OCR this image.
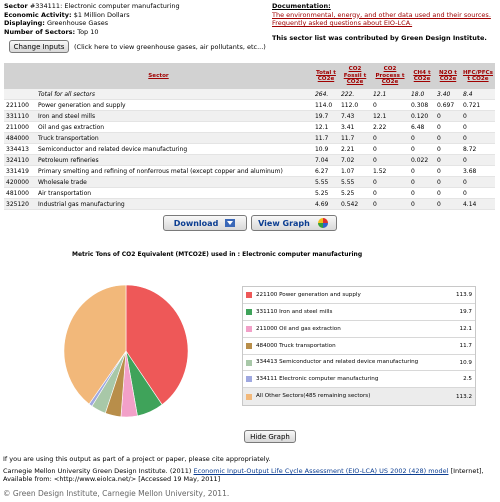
Sector #334111: Electronic computer manufacturing
Economic Activity: $1 Million Dollars
Displaying: Greenhouse Gases
Number of Sectors: Top 10
Documentation:
The environmental, energy, and other data used and their sources.
Frequently asked questions about EIO-LCA.
This sector list was contributed by Green Design Institute.
Change Inputs	(Click here to view greenhouse gases, air pollutants, etc...)
Sector		Total t CO2e	CO2 Fossil t CO2e	CO2 Process t CO2e	CH4 t CO2e	N2O t CO2e	HFC/PFCs t CO2e
	Total for all sectors	264.	222.	12.1	18.0	3.40	8.4
221100	Power generation and supply	114.0	112.0	0	0.308	0.697	0.721
331110	Iron and steel mills	19.7	7.43	12.1	0.120	0	0
211000	Oil and gas extraction	12.1	3.41	2.22	6.48	0	0
484000	Truck transportation	11.7	11.7	0	0	0	0
334413	Semiconductor and related device manufacturing	10.9	2.21	0	0	0	8.72
324110	Petroleum refineries	7.04	7.02	0	0.022	0	0
331419	Primary smelting and refining of nonferrous metal (except copper and aluminum)	6.27	1.07	1.52	0	0	3.68
420000	Wholesale trade	5.55	5.55	0	0	0	0
481000	Air transportation	5.25	5.25	0	0	0	0
325120	Industrial gas manufacturing	4.69	0.542	0	0	0	4.14
Download	View Graph
Metric Tons of CO2 Equivalent (MTCO2E) used in : Electronic computer manufacturing
221100 Power generation and supply	113.9
331110 Iron and steel mills	19.7
211000 Oil and gas extraction	12.1
484000 Truck transportation	11.7
334413 Semiconductor and related device manufacturing	10.9
334111 Electronic computer manufacturing	2.5
All Other Sectors(485 remaining sectors)	113.2
Hide Graph
If you are using this output as part of a project or paper, please cite appropriately.
Carnegie Mellon University Green Design Institute. (2011) Economic Input-Output Life Cycle Assessment (EIO-LCA) US 2002 (428) model [Internet],
Available from: <http://www.eiolca.net/> [Accessed 19 May, 2011]
© Green Design Institute, Carnegie Mellon University, 2011.
